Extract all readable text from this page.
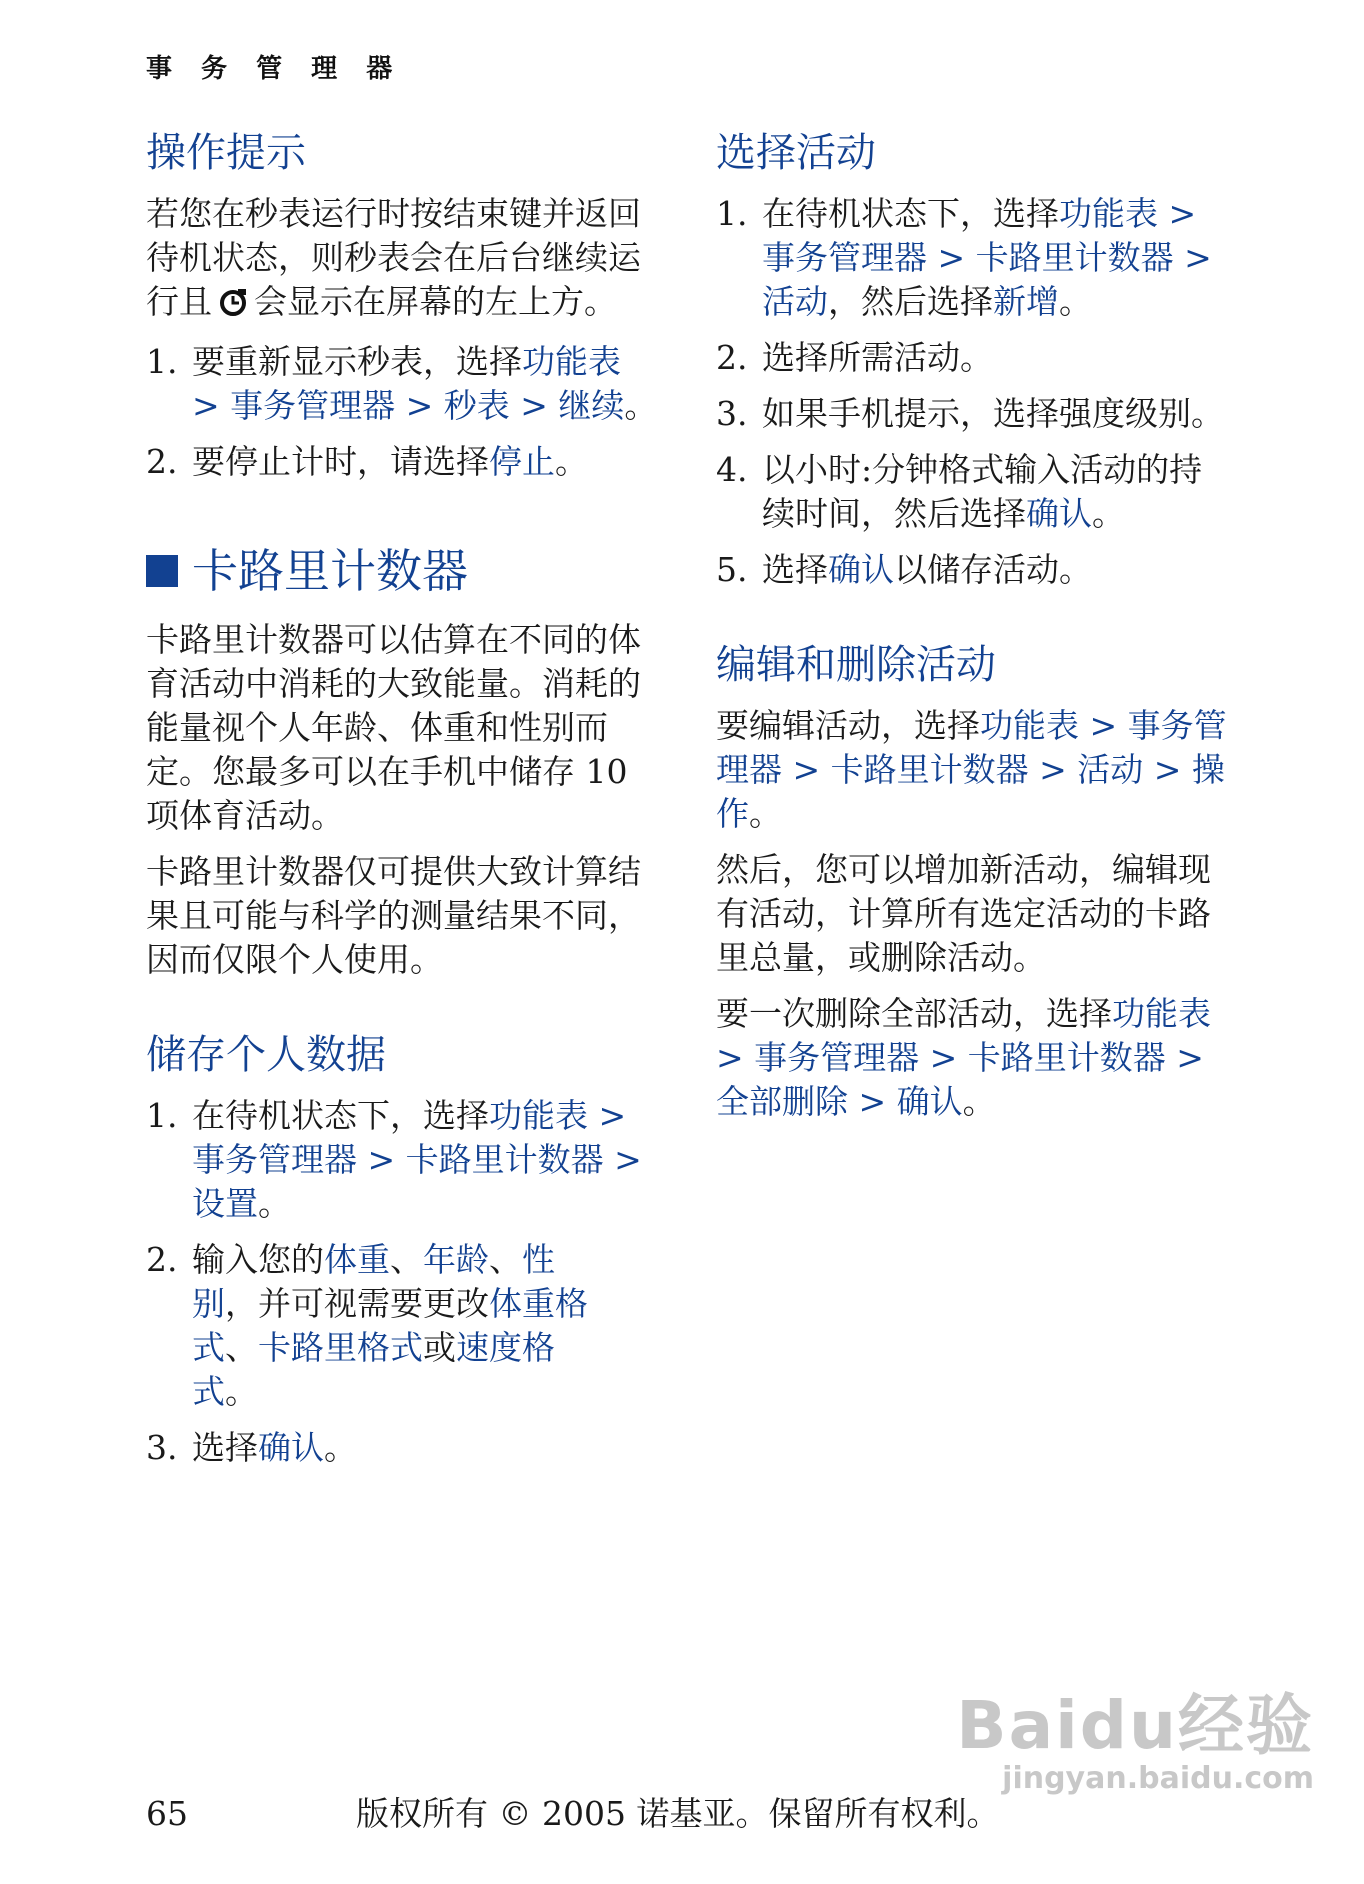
事 务 管 理 器
操作提示

若您在秒表运行时按结束键并返回待机状态，则秒表会在后台继续运行且 会显示在屏幕的左上方。

1. 要重新显示秒表，选择功能表 > 事务管理器 > 秒表 > 继续。
2. 要停止计时，请选择停止。
卡路里计数器

卡路里计数器可以估算在不同的体育活动中消耗的大致能量。消耗的能量视个人年龄、体重和性别而定。您最多可以在手机中储存 10 项体育活动。

卡路里计数器仅可提供大致计算结果且可能与科学的测量结果不同，因而仅限个人使用。

储存个人数据
1. 在待机状态下，选择功能表 > 事务管理器 > 卡路里计数器 > 设置。
2. 输入您的体重、年龄、性别，并可视需要更改体重格式、卡路里格式或速度格式。
3. 选择确认。
选择活动
1. 在待机状态下，选择功能表 > 事务管理器 > 卡路里计数器 > 活动，然后选择新增。
2. 选择所需活动。
3. 如果手机提示，选择强度级别。
4. 以小时:分钟格式输入活动的持续时间，然后选择确认。
5. 选择确认以储存活动。
编辑和删除活动

要编辑活动，选择功能表 > 事务管理器 > 卡路里计数器 > 活动 > 操作。

然后，您可以增加新活动，编辑现有活动，计算所有选定活动的卡路里总量，或删除活动。

要一次删除全部活动，选择功能表 > 事务管理器 > 卡路里计数器 > 全部删除 > 确认。

Baidu经验
jingyan.baidu.com
65	版权所有 © 2005 诺基亚。保留所有权利。
